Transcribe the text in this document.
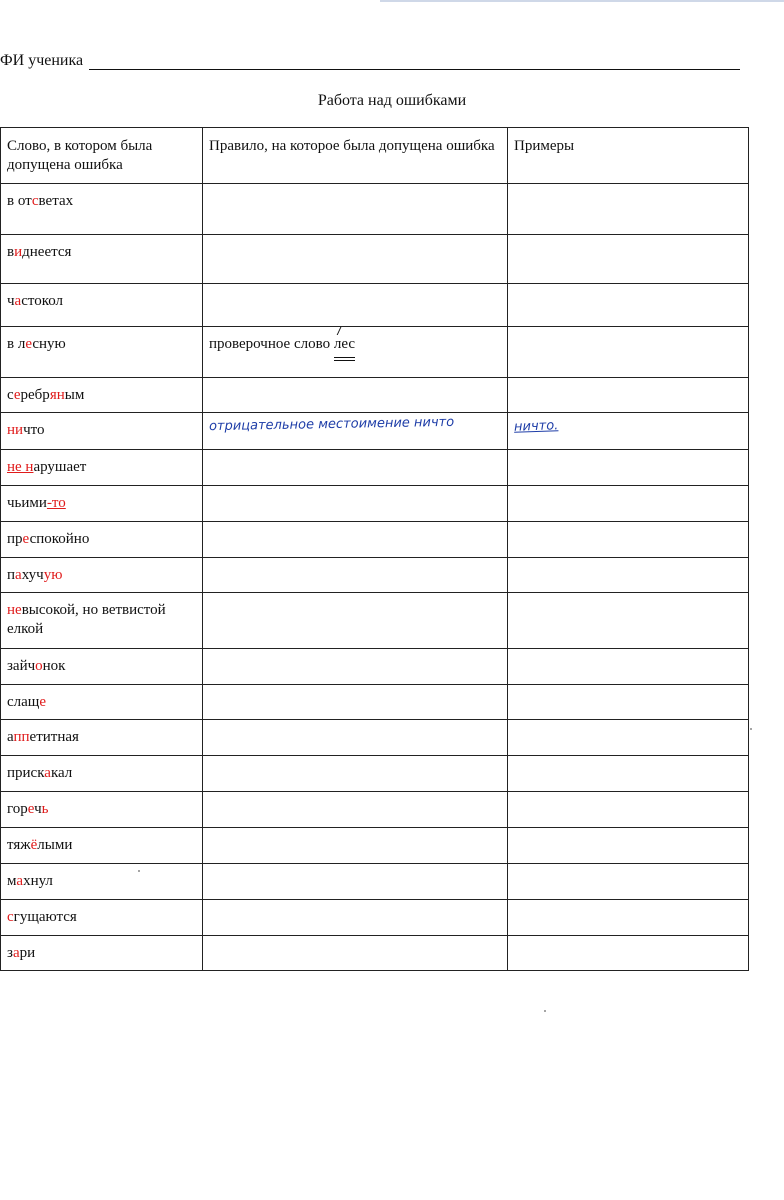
ФИ ученика
Работа над ошибками
Слово, в котором была допущена ошибка	Правило, на которое была допущена ошибка	Примеры
в отсветах		
виднеется		
частокол		
в лесную	проверочное слово лес

серебряным		
ничто	отрицательное местоимение ничто	ничто.
не нарушает		
чьими-то		
преспокойно		
пахучую		
невысокой, но ветвистой елкой		
зайчонок		
слаще		
аппетитная		
прискакал		
горечь		
тяжёлыми		
махнул		
сгущаются		
зари		
